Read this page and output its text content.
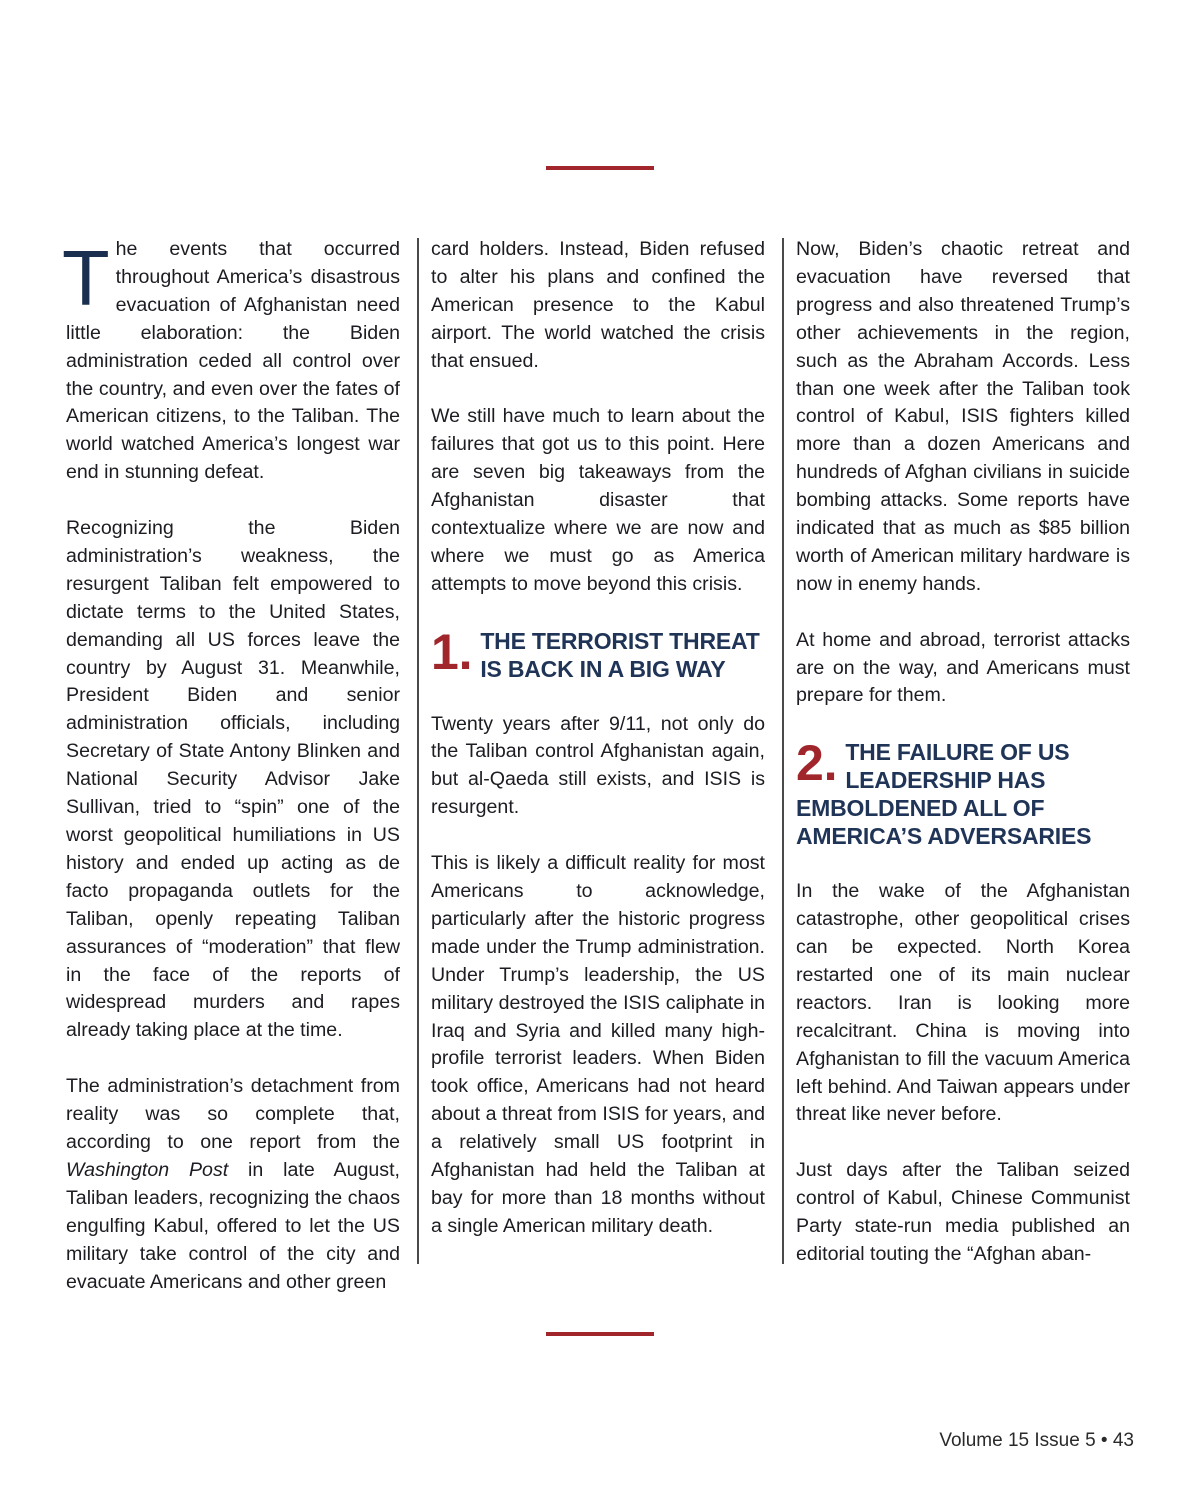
The events that occurred throughout America’s disastrous evacuation of Afghanistan need little elaboration: the Biden administration ceded all control over the country, and even over the fates of American citizens, to the Taliban. The world watched America’s longest war end in stunning defeat.

Recognizing the Biden administration’s weakness, the resurgent Taliban felt empowered to dictate terms to the United States, demanding all US forces leave the country by August 31. Meanwhile, President Biden and senior administration officials, including Secretary of State Antony Blinken and National Security Advisor Jake Sullivan, tried to “spin” one of the worst geopolitical humiliations in US history and ended up acting as de facto propaganda outlets for the Taliban, openly repeating Taliban assurances of “moderation” that flew in the face of the reports of widespread murders and rapes already taking place at the time.

The administration’s detachment from reality was so complete that, according to one report from the Washington Post in late August, Taliban leaders, recognizing the chaos engulfing Kabul, offered to let the US military take control of the city and evacuate Americans and other green

card holders. Instead, Biden refused to alter his plans and confined the American presence to the Kabul airport. The world watched the crisis that ensued.

We still have much to learn about the failures that got us to this point. Here are seven big takeaways from the Afghanistan disaster that contextualize where we are now and where we must go as America attempts to move beyond this crisis.

1. THE TERRORIST THREAT IS BACK IN A BIG WAY

Twenty years after 9/11, not only do the Taliban control Afghanistan again, but al-Qaeda still exists, and ISIS is resurgent.

This is likely a difficult reality for most Americans to acknowledge, particularly after the historic progress made under the Trump administration. Under Trump’s leadership, the US military destroyed the ISIS caliphate in Iraq and Syria and killed many high-profile terrorist leaders. When Biden took office, Americans had not heard about a threat from ISIS for years, and a relatively small US footprint in Afghanistan had held the Taliban at bay for more than 18 months without a single American military death.

Now, Biden’s chaotic retreat and evacuation have reversed that progress and also threatened Trump’s other achievements in the region, such as the Abraham Accords. Less than one week after the Taliban took control of Kabul, ISIS fighters killed more than a dozen Americans and hundreds of Afghan civilians in suicide bombing attacks. Some reports have indicated that as much as $85 billion worth of American military hardware is now in enemy hands.

At home and abroad, terrorist attacks are on the way, and Americans must prepare for them.

2. THE FAILURE OF US LEADERSHIP HAS EMBOLDENED ALL OF AMERICA’S ADVERSARIES

In the wake of the Afghanistan catastrophe, other geopolitical crises can be expected. North Korea restarted one of its main nuclear reactors. Iran is looking more recalcitrant. China is moving into Afghanistan to fill the vacuum America left behind. And Taiwan appears under threat like never before.

Just days after the Taliban seized control of Kabul, Chinese Communist Party state-run media published an editorial touting the “Afghan aban-

Volume 15 Issue 5 • 43
